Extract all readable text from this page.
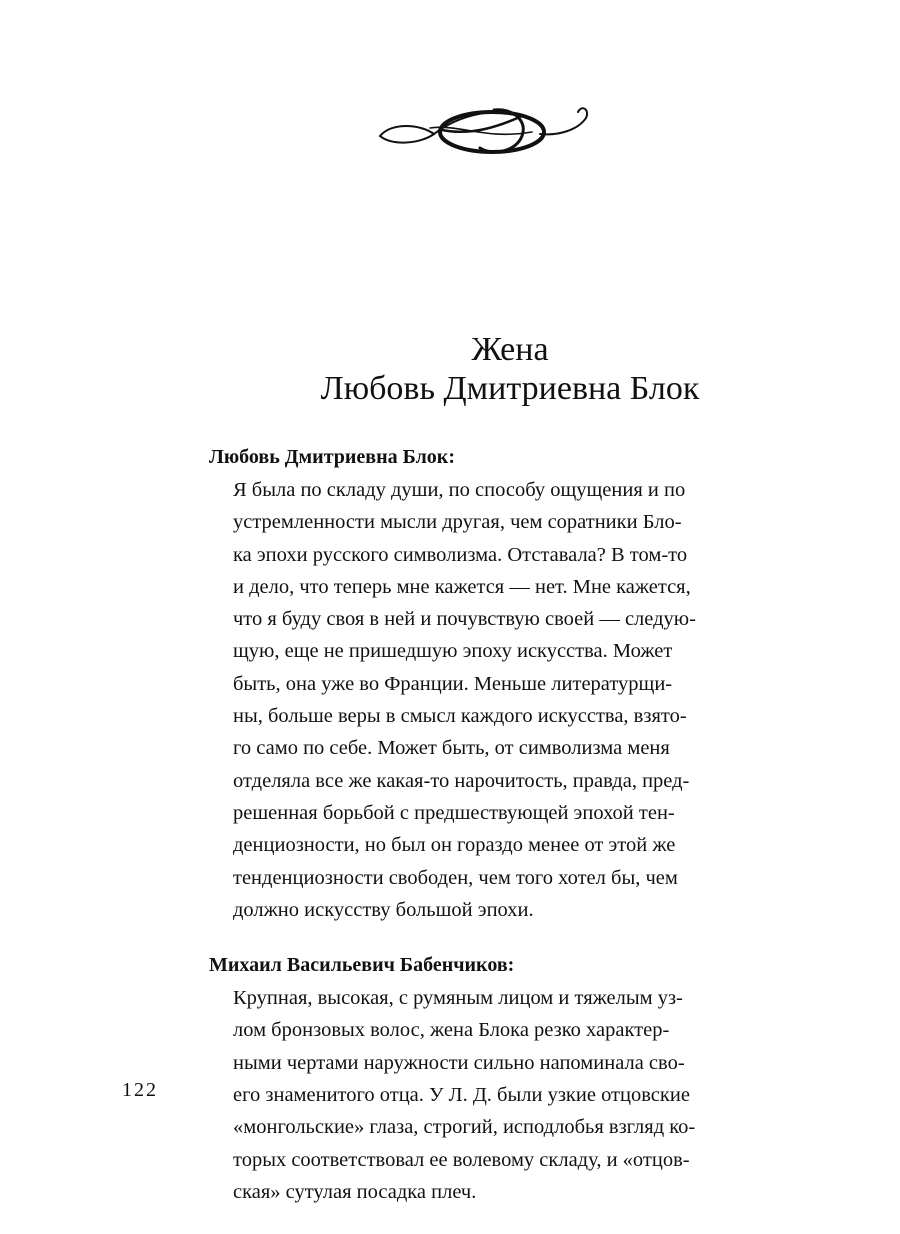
Жена
Любовь Дмитриевна Блок
Любовь Дмитриевна Блок:
Я была по складу души, по способу ощущения и по
устремленности мысли другая, чем соратники Бло-
ка эпохи русского символизма. Отставала? В том-то
и дело, что теперь мне кажется — нет. Мне кажется,
что я буду своя в ней и почувствую своей — следую-
щую, еще не пришедшую эпоху искусства. Может
быть, она уже во Франции. Меньше литературщи-
ны, больше веры в смысл каждого искусства, взято-
го само по себе. Может быть, от символизма меня
отделяла все же какая-то нарочитость, правда, пред-
решенная борьбой с предшествующей эпохой тен-
денциозности, но был он гораздо менее от этой же
тенденциозности свободен, чем того хотел бы, чем
должно искусству большой эпохи.
Михаил Васильевич Бабенчиков:
Крупная, высокая, с румяным лицом и тяжелым уз-
лом бронзовых волос, жена Блока резко характер-
ными чертами наружности сильно напоминала сво-
его знаменитого отца. У Л. Д. были узкие отцовские
«монгольские» глаза, строгий, исподлобья взгляд ко-
торых соответствовал ее волевому складу, и «отцов-
ская» сутулая посадка плеч.
122
